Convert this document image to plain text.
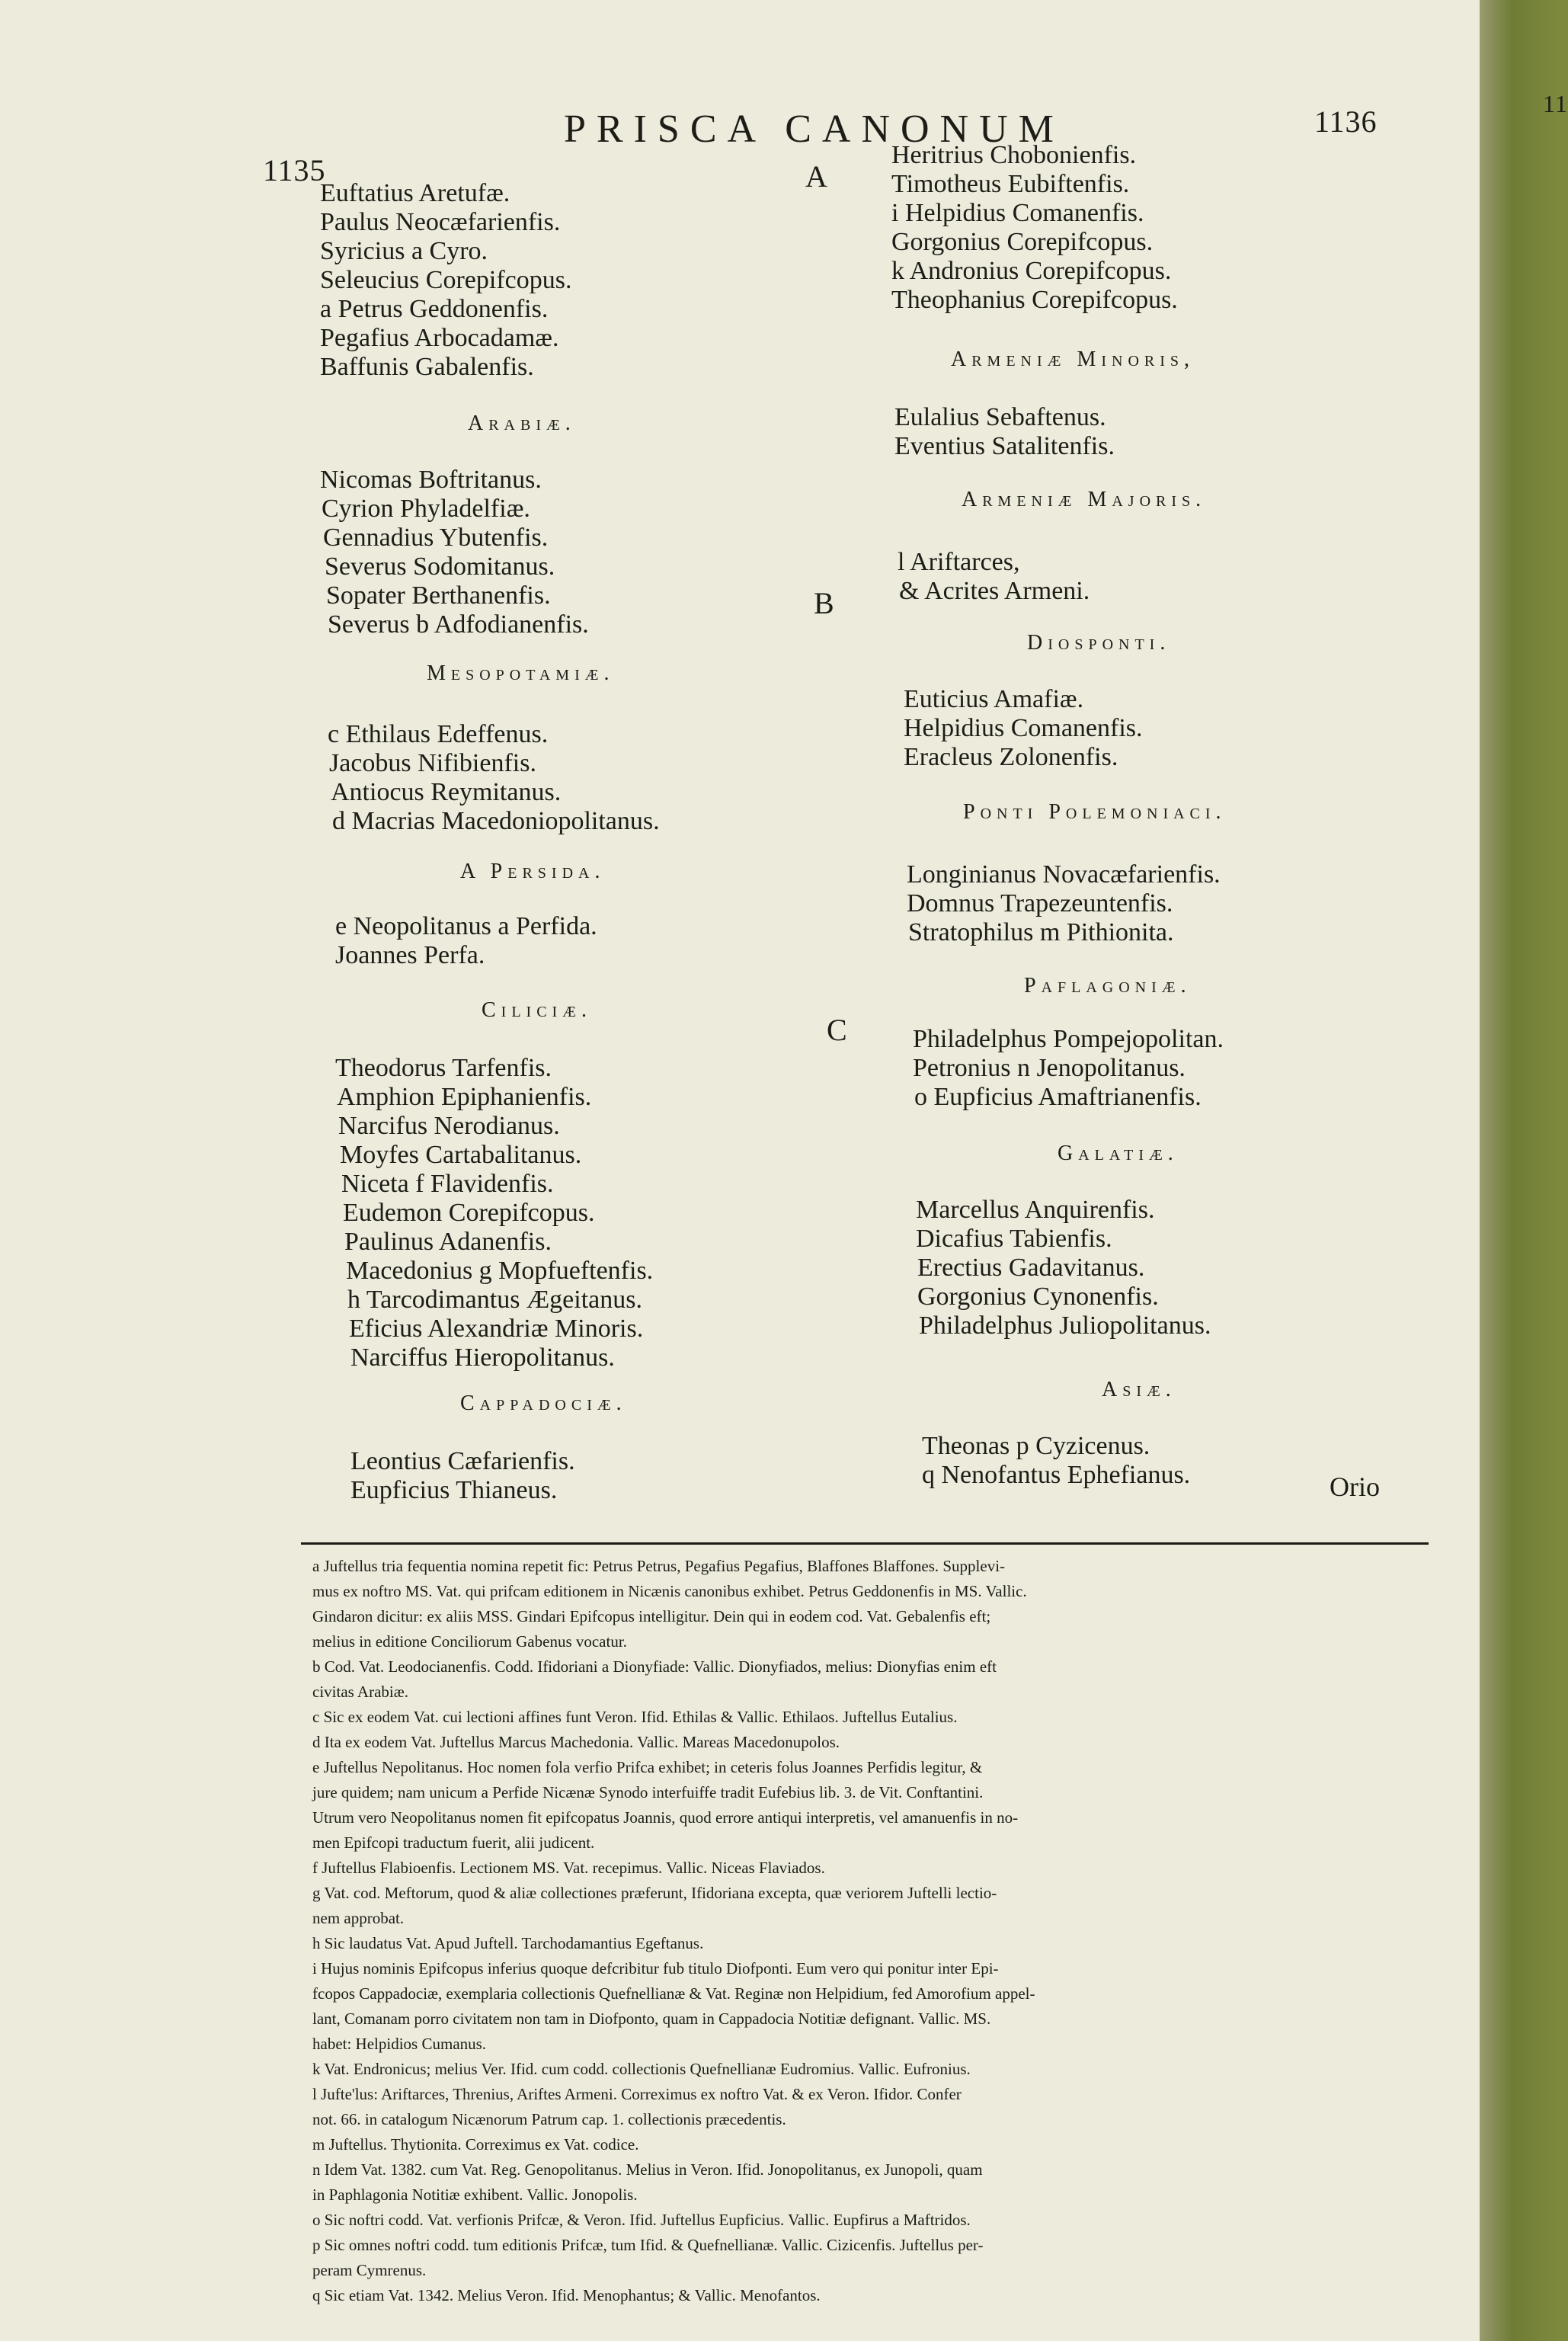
1135
PRISCA CANONUM	1136
A
B
C
Euftatius Aretufæ.
Paulus Neocæfarienfis.
Syricius a Cyro.
Seleucius Corepifcopus.
a Petrus Geddonenfis.
Pegafius Arbocadamæ.
Baffunis Gabalenfis.
Arabiæ.
Nicomas Boftritanus.
Cyrion Phyladelfiæ.
Gennadius Ybutenfis.
Severus Sodomitanus.
Sopater Berthanenfis.
Severus b Adfodianenfis.
Mesopotamiæ.
c Ethilaus Edeffenus.
Jacobus Nifibienfis.
Antiocus Reymitanus.
d Macrias Macedoniopolitanus.
A Persida.
e Neopolitanus a Perfida.
Joannes Perfa.
Ciliciæ.
Theodorus Tarfenfis.
Amphion Epiphanienfis.
Narcifus Nerodianus.
Moyfes Cartabalitanus.
Niceta f Flavidenfis.
Eudemon Corepifcopus.
Paulinus Adanenfis.
Macedonius g Mopfueftenfis.
h Tarcodimantus Ægeitanus.
Eficius Alexandriæ Minoris.
Narciffus Hieropolitanus.
Cappadociæ.
Leontius Cæfarienfis.
Eupficius Thianeus.
Heritrius Chobonienfis.
Timotheus Eubiftenfis.
i Helpidius Comanenfis.
Gorgonius Corepifcopus.
k Andronius Corepifcopus.
Theophanius Corepifcopus.
Armeniæ Minoris,
Eulalius Sebaftenus.
Eventius Satalitenfis.
Armeniæ Majoris.
l Ariftarces,
& Acrites Armeni.
Diosponti.
Euticius Amafiæ.
Helpidius Comanenfis.
Eracleus Zolonenfis.
Ponti Polemoniaci.
Longinianus Novacæfarienfis.
Domnus Trapezeuntenfis.
Stratophilus m Pithionita.
Paflagoniæ.
Philadelphus Pompejopolitan.
Petronius n Jenopolitanus.
o Eupficius Amaftrianenfis.
Galatiæ.
Marcellus Anquirenfis.
Dicafius Tabienfis.
Erectius Gadavitanus.
Gorgonius Cynonenfis.
Philadelphus Juliopolitanus.
Asiæ.
Theonas p Cyzicenus.
q Nenofantus Ephefianus.	Orio
a Juftellus tria fequentia nomina repetit fic: Petrus Petrus, Pegafius Pegafius, Blaffones Blaffones. Supplevi-
mus ex noftro MS. Vat. qui prifcam editionem in Nicænis canonibus exhibet. Petrus Geddonenfis in MS. Vallic.
Gindaron dicitur: ex aliis MSS. Gindari Epifcopus intelligitur. Dein qui in eodem cod. Vat. Gebalenfis eft;
melius in editione Conciliorum Gabenus vocatur.
b Cod. Vat. Leodocianenfis. Codd. Ifidoriani a Dionyfiade: Vallic. Dionyfiados, melius: Dionyfias enim eft
civitas Arabiæ.
c Sic ex eodem Vat. cui lectioni affines funt Veron. Ifid. Ethilas & Vallic. Ethilaos. Juftellus Eutalius.
d Ita ex eodem Vat. Juftellus Marcus Machedonia. Vallic. Mareas Macedonupolos.
e Juftellus Nepolitanus. Hoc nomen fola verfio Prifca exhibet; in ceteris folus Joannes Perfidis legitur, &
jure quidem; nam unicum a Perfide Nicænæ Synodo interfuiffe tradit Eufebius lib. 3. de Vit. Conftantini.
Utrum vero Neopolitanus nomen fit epifcopatus Joannis, quod errore antiqui interpretis, vel amanuenfis in no-
men Epifcopi traductum fuerit, alii judicent.
f Juftellus Flabioenfis. Lectionem MS. Vat. recepimus. Vallic. Niceas Flaviados.
g Vat. cod. Meftorum, quod & aliæ collectiones præferunt, Ifidoriana excepta, quæ veriorem Juftelli lectio-
nem approbat.
h Sic laudatus Vat. Apud Juftell. Tarchodamantius Egeftanus.
i Hujus nominis Epifcopus inferius quoque defcribitur fub titulo Diofponti. Eum vero qui ponitur inter Epi-
fcopos Cappadociæ, exemplaria collectionis Quefnellianæ & Vat. Reginæ non Helpidium, fed Amorofium appel-
lant, Comanam porro civitatem non tam in Diofponto, quam in Cappadocia Notitiæ defignant. Vallic. MS.
habet: Helpidios Cumanus.
k Vat. Endronicus; melius Ver. Ifid. cum codd. collectionis Quefnellianæ Eudromius. Vallic. Eufronius.
l Jufte'lus: Ariftarces, Threnius, Ariftes Armeni. Correximus ex noftro Vat. & ex Veron. Ifidor. Confer
not. 66. in catalogum Nicænorum Patrum cap. 1. collectionis præcedentis.
m Juftellus. Thytionita. Correximus ex Vat. codice.
n Idem Vat. 1382. cum Vat. Reg. Genopolitanus. Melius in Veron. Ifid. Jonopolitanus, ex Junopoli, quam
in Paphlagonia Notitiæ exhibent. Vallic. Jonopolis.
o Sic noftri codd. Vat. verfionis Prifcæ, & Veron. Ifid. Juftellus Eupficius. Vallic. Eupfirus a Maftridos.
p Sic omnes noftri codd. tum editionis Prifcæ, tum Ifid. & Quefnellianæ. Vallic. Cizicenfis. Juftellus per-
peram Cymrenus.
q Sic etiam Vat. 1342. Melius Veron. Ifid. Menophantus; & Vallic. Menofantos.
11
